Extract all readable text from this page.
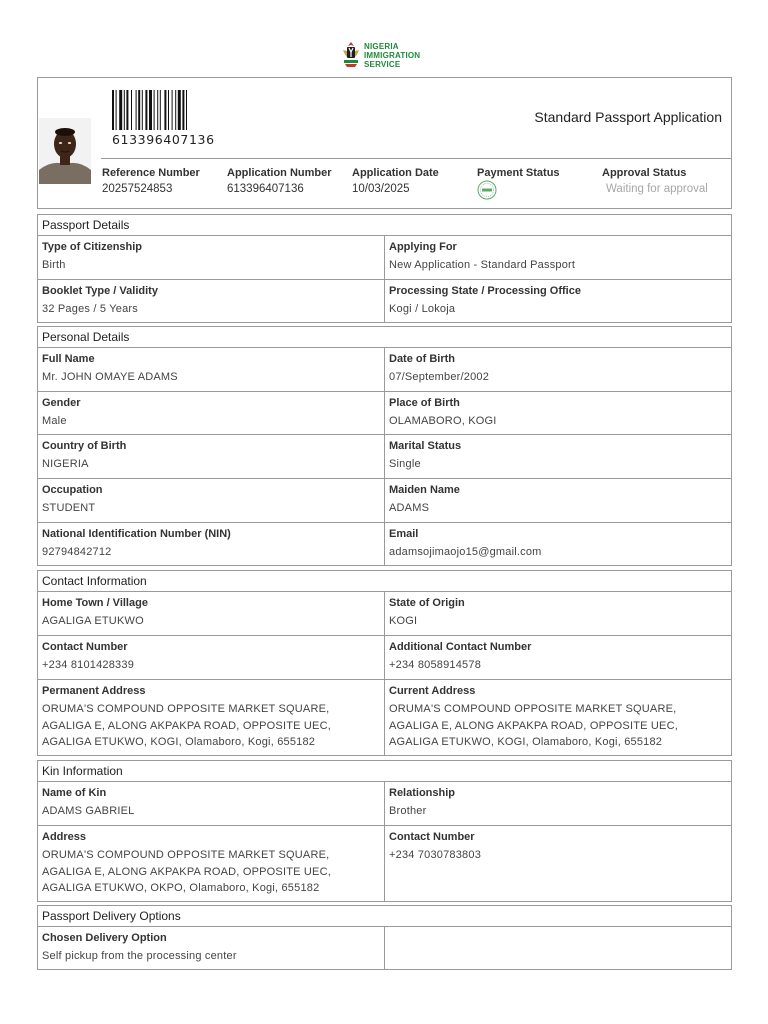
NIGERIA
IMMIGRATION
SERVICE
613396407136
Standard Passport Application
Reference Number
20257524853
Application Number
613396407136
Application Date
10/03/2025
Payment Status	Approval Status
Waiting for approval
Passport Details
Type of Citizenship
Birth
Applying For
New Application - Standard Passport
Booklet Type / Validity
32 Pages / 5 Years
Processing State / Processing Office
Kogi / Lokoja
Personal Details
Full Name
Mr. JOHN OMAYE ADAMS
Date of Birth
07/September/2002
Gender
Male
Place of Birth
OLAMABORO, KOGI
Country of Birth
NIGERIA
Marital Status
Single
Occupation
STUDENT
Maiden Name
ADAMS
National Identification Number (NIN)
92794842712
Email
adamsojimaojo15@gmail.com
Contact Information
Home Town / Village
AGALIGA ETUKWO
State of Origin
KOGI
Contact Number
+234 8101428339
Additional Contact Number
+234 8058914578
Permanent Address
ORUMA'S COMPOUND OPPOSITE MARKET SQUARE, AGALIGA E, ALONG AKPAKPA ROAD, OPPOSITE UEC, AGALIGA ETUKWO, KOGI, Olamaboro, Kogi, 655182
Current Address
ORUMA'S COMPOUND OPPOSITE MARKET SQUARE, AGALIGA E, ALONG AKPAKPA ROAD, OPPOSITE UEC, AGALIGA ETUKWO, KOGI, Olamaboro, Kogi, 655182
Kin Information
Name of Kin
ADAMS GABRIEL
Relationship
Brother
Address
ORUMA'S COMPOUND OPPOSITE MARKET SQUARE, AGALIGA E, ALONG AKPAKPA ROAD, OPPOSITE UEC, AGALIGA ETUKWO, OKPO, Olamaboro, Kogi, 655182
Contact Number
+234 7030783803
Passport Delivery Options
Chosen Delivery Option
Self pickup from the processing center
